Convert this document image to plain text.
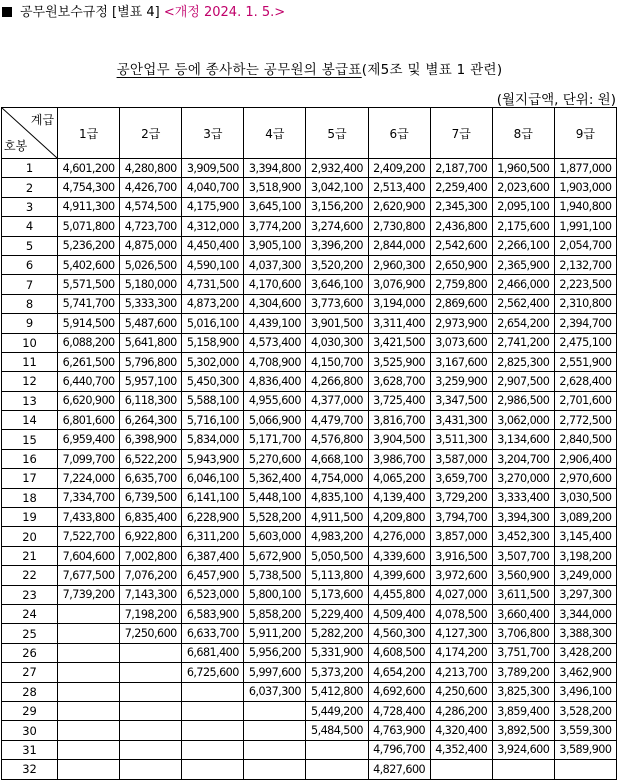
공무원보수규정 [별표 4] <개정 2024. 1. 5.>
공안업무 등에 종사하는 공무원의 봉급표(제5조 및 별표 1 관련)
(월지급액, 단위: 원)
계급
호봉	1급	2급	3급	4급	5급	6급	7급	8급	9급
1	4,601,200	4,280,800	3,909,500	3,394,800	2,932,400	2,409,200	2,187,700	1,960,500	1,877,000
2	4,754,300	4,426,700	4,040,700	3,518,900	3,042,100	2,513,400	2,259,400	2,023,600	1,903,000
3	4,911,300	4,574,500	4,175,900	3,645,100	3,156,200	2,620,900	2,345,300	2,095,100	1,940,800
4	5,071,800	4,723,700	4,312,000	3,774,200	3,274,600	2,730,800	2,436,800	2,175,600	1,991,100
5	5,236,200	4,875,000	4,450,400	3,905,100	3,396,200	2,844,000	2,542,600	2,266,100	2,054,700
6	5,402,600	5,026,500	4,590,100	4,037,300	3,520,200	2,960,300	2,650,900	2,365,900	2,132,700
7	5,571,500	5,180,000	4,731,500	4,170,600	3,646,100	3,076,900	2,759,800	2,466,000	2,223,500
8	5,741,700	5,333,300	4,873,200	4,304,600	3,773,600	3,194,000	2,869,600	2,562,400	2,310,800
9	5,914,500	5,487,600	5,016,100	4,439,100	3,901,500	3,311,400	2,973,900	2,654,200	2,394,700
10	6,088,200	5,641,800	5,158,900	4,573,400	4,030,300	3,421,500	3,073,600	2,741,200	2,475,100
11	6,261,500	5,796,800	5,302,000	4,708,900	4,150,700	3,525,900	3,167,600	2,825,300	2,551,900
12	6,440,700	5,957,100	5,450,300	4,836,400	4,266,800	3,628,700	3,259,900	2,907,500	2,628,400
13	6,620,900	6,118,300	5,588,100	4,955,600	4,377,000	3,725,400	3,347,500	2,986,500	2,701,600
14	6,801,600	6,264,300	5,716,100	5,066,900	4,479,700	3,816,700	3,431,300	3,062,000	2,772,500
15	6,959,400	6,398,900	5,834,000	5,171,700	4,576,800	3,904,500	3,511,300	3,134,600	2,840,500
16	7,099,700	6,522,200	5,943,900	5,270,600	4,668,100	3,986,700	3,587,000	3,204,700	2,906,400
17	7,224,000	6,635,700	6,046,100	5,362,400	4,754,000	4,065,200	3,659,700	3,270,000	2,970,600
18	7,334,700	6,739,500	6,141,100	5,448,100	4,835,100	4,139,400	3,729,200	3,333,400	3,030,500
19	7,433,800	6,835,400	6,228,900	5,528,200	4,911,500	4,209,800	3,794,700	3,394,300	3,089,200
20	7,522,700	6,922,800	6,311,200	5,603,000	4,983,200	4,276,000	3,857,000	3,452,300	3,145,400
21	7,604,600	7,002,800	6,387,400	5,672,900	5,050,500	4,339,600	3,916,500	3,507,700	3,198,200
22	7,677,500	7,076,200	6,457,900	5,738,500	5,113,800	4,399,600	3,972,600	3,560,900	3,249,000
23	7,739,200	7,143,300	6,523,000	5,800,100	5,173,600	4,455,800	4,027,000	3,611,500	3,297,300
24		7,198,200	6,583,900	5,858,200	5,229,400	4,509,400	4,078,500	3,660,400	3,344,000
25		7,250,600	6,633,700	5,911,200	5,282,200	4,560,300	4,127,300	3,706,800	3,388,300
26			6,681,400	5,956,200	5,331,900	4,608,500	4,174,200	3,751,700	3,428,200
27			6,725,600	5,997,600	5,373,200	4,654,200	4,213,700	3,789,200	3,462,900
28				6,037,300	5,412,800	4,692,600	4,250,600	3,825,300	3,496,100
29					5,449,200	4,728,400	4,286,200	3,859,400	3,528,200
30					5,484,500	4,763,900	4,320,400	3,892,500	3,559,300
31						4,796,700	4,352,400	3,924,600	3,589,900
32						4,827,600			
